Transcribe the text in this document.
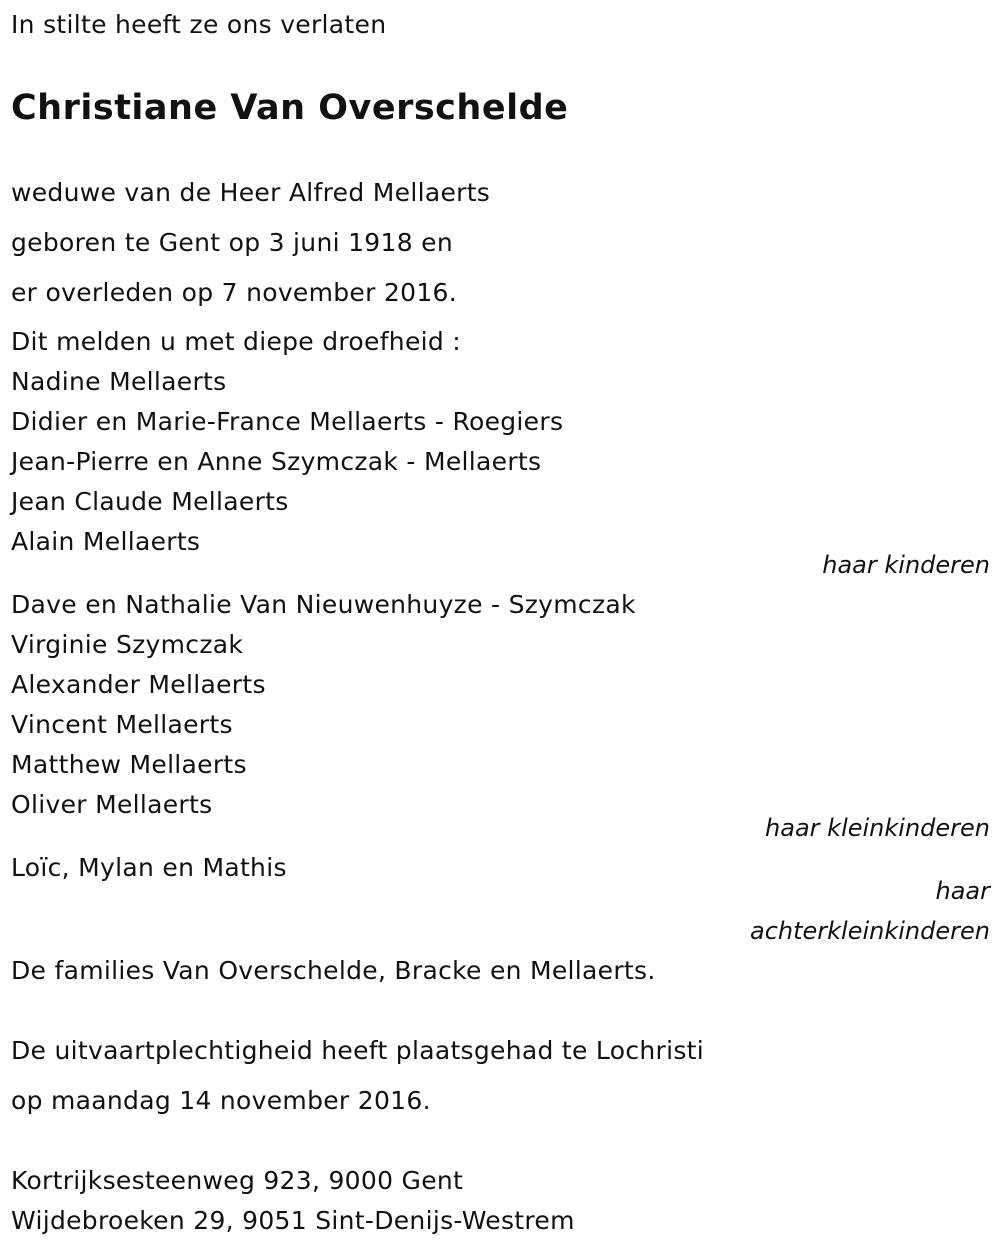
In stilte heeft ze ons verlaten
Christiane Van Overschelde
weduwe van de Heer Alfred Mellaerts
geboren te Gent op 3 juni 1918 en
er overleden op 7 november 2016.
Dit melden u met diepe droefheid :
Nadine Mellaerts
Didier en Marie-France Mellaerts - Roegiers
Jean-Pierre en Anne Szymczak - Mellaerts
Jean Claude Mellaerts
Alain Mellaerts
haar kinderen
Dave en Nathalie Van Nieuwenhuyze - Szymczak
Virginie Szymczak
Alexander Mellaerts
Vincent Mellaerts
Matthew Mellaerts
Oliver Mellaerts
haar kleinkinderen
Loïc, Mylan en Mathis
haar
achterkleinkinderen
De families Van Overschelde, Bracke en Mellaerts.
De uitvaartplechtigheid heeft plaatsgehad te Lochristi
op maandag 14 november 2016.
Kortrijksesteenweg 923, 9000 Gent
Wijdebroeken 29, 9051 Sint-Denijs-Westrem
